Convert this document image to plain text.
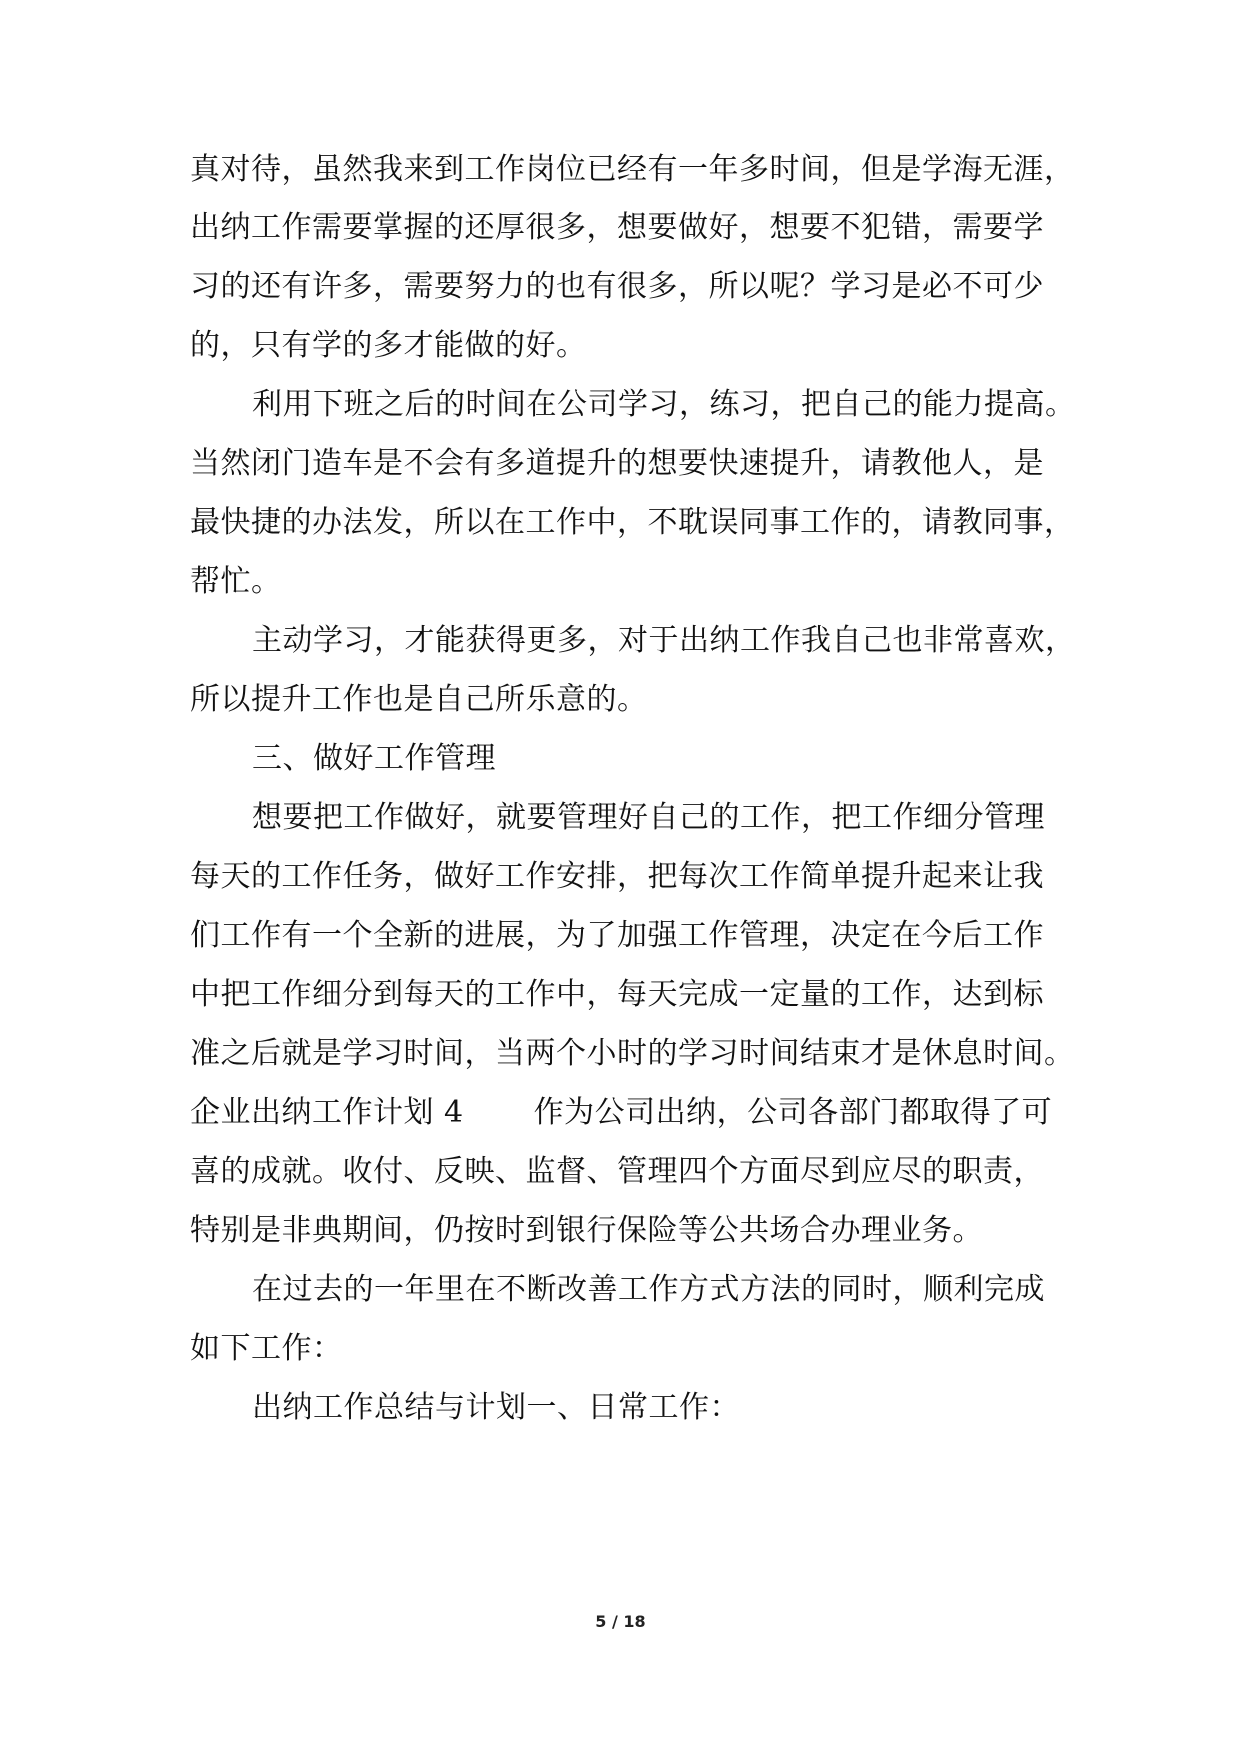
真对待，虽然我来到工作岗位已经有一年多时间，但是学海无涯，
出纳工作需要掌握的还厚很多，想要做好，想要不犯错，需要学
习的还有许多，需要努力的也有很多，所以呢？学习是必不可少
的，只有学的多才能做的好。
利用下班之后的时间在公司学习，练习，把自己的能力提高。
当然闭门造车是不会有多道提升的想要快速提升，请教他人，是
最快捷的办法发，所以在工作中，不耽误同事工作的，请教同事，
帮忙。
主动学习，才能获得更多，对于出纳工作我自己也非常喜欢，
所以提升工作也是自己所乐意的。
三、做好工作管理
想要把工作做好，就要管理好自己的工作，把工作细分管理
每天的工作任务，做好工作安排，把每次工作简单提升起来让我
们工作有一个全新的进展，为了加强工作管理，决定在今后工作
中把工作细分到每天的工作中，每天完成一定量的工作，达到标
准之后就是学习时间，当两个小时的学习时间结束才是休息时间。
企业出纳工作计划 4 作为公司出纳，公司各部门都取得了可
喜的成就。收付、反映、监督、管理四个方面尽到应尽的职责，
特别是非典期间，仍按时到银行保险等公共场合办理业务。
在过去的一年里在不断改善工作方式方法的同时，顺利完成
如下工作：
出纳工作总结与计划一、日常工作：
5 / 18
